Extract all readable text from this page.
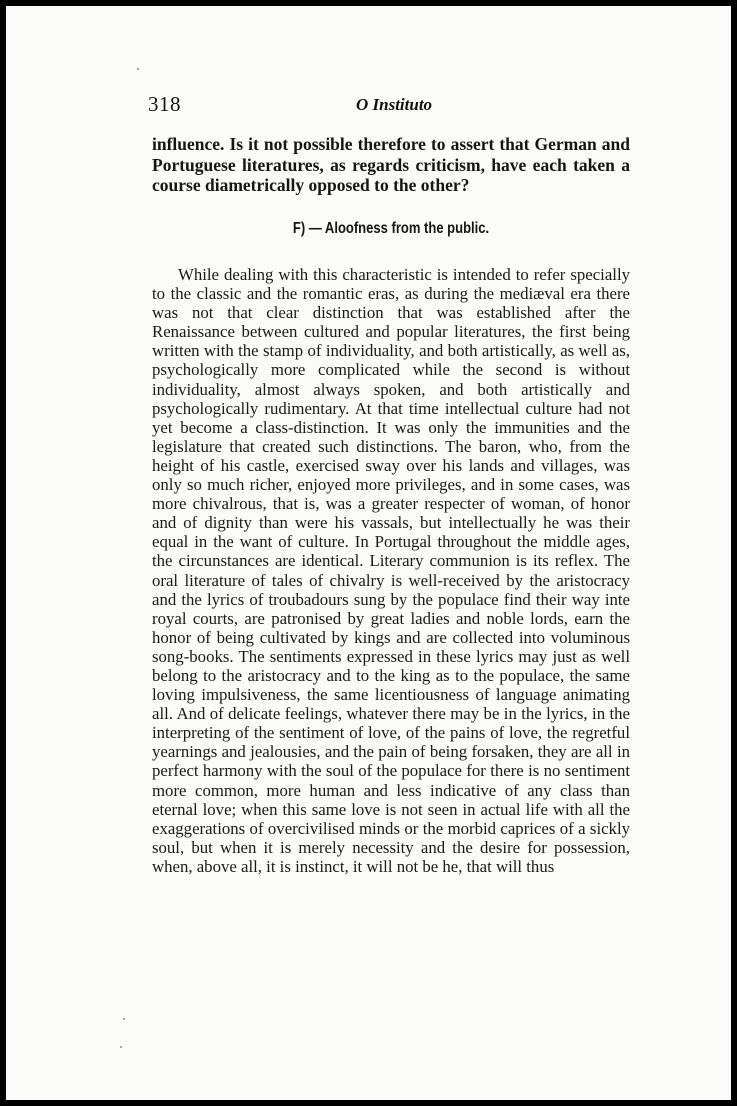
318	O Instituto
influence. Is it not possible therefore to assert that German and Portuguese literatures, as regards criticism, have each taken a course diametrically opposed to the other?
F) — Aloofness from the public.

While dealing with this characteristic is intended to refer specially to the classic and the romantic eras, as during the mediæval era there was not that clear distinction that was established after the Renaissance between cultured and popular literatures, the first being written with the stamp of individuality, and both artistically, as well as, psychologically more complicated while the second is without individuality, almost always spoken, and both artistically and psychologically rudimentary. At that time intellectual culture had not yet become a class-distinction. It was only the immunities and the legislature that created such distinctions. The baron, who, from the height of his castle, exercised sway over his lands and villages, was only so much richer, enjoyed more privileges, and in some cases, was more chivalrous, that is, was a greater respecter of woman, of honor and of dignity than were his vassals, but intellectually he was their equal in the want of culture. In Portugal throughout the middle ages, the circunstances are identical. Literary communion is its reflex. The oral literature of tales of chivalry is well-received by the aristocracy and the lyrics of troubadours sung by the populace find their way inte royal courts, are patronised by great ladies and noble lords, earn the honor of being cultivated by kings and are collected into voluminous song-books. The sentiments expressed in these lyrics may just as well belong to the aristocracy and to the king as to the populace, the same loving impulsiveness, the same licentiousness of language animating all. And of delicate feelings, whatever there may be in the lyrics, in the interpreting of the sentiment of love, of the pains of love, the regretful yearnings and jealousies, and the pain of being forsaken, they are all in perfect harmony with the soul of the populace for there is no sentiment more common, more human and less indicative of any class than eternal love; when this same love is not seen in actual life with all the exaggerations of overcivilised minds or the morbid caprices of a sickly soul, but when it is merely necessity and the desire for possession, when, above all, it is instinct, it will not be he, that will thus
